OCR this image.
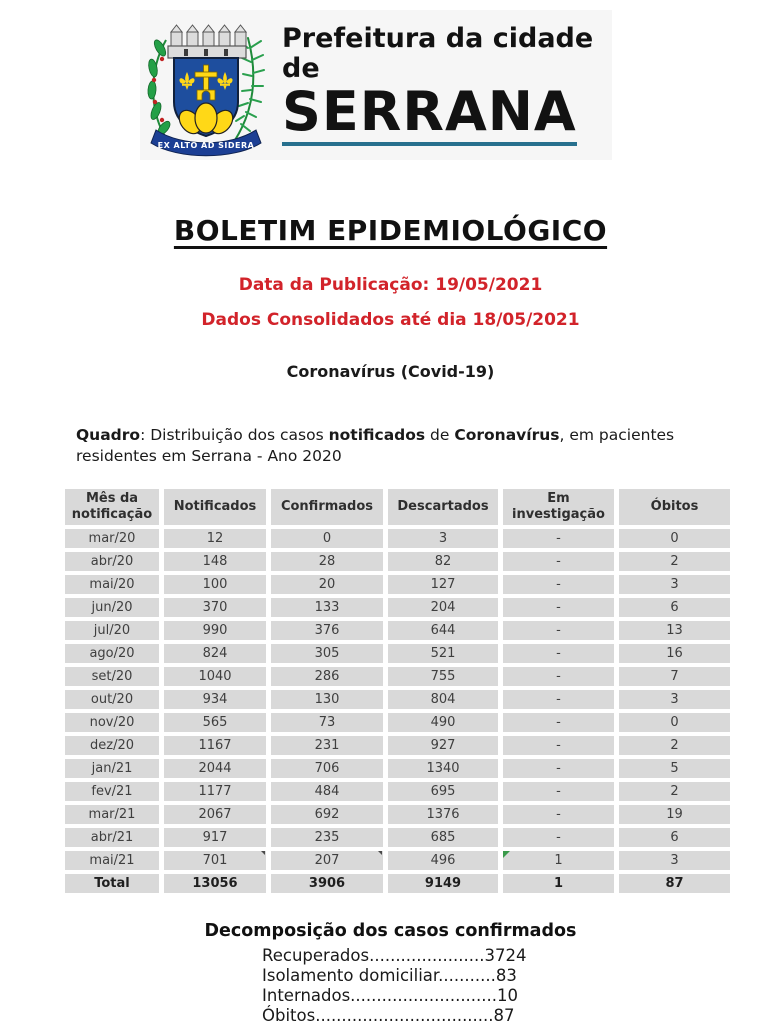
EX ALTO AD SIDERA
Prefeitura da cidade de
SERRANA
BOLETIM EPIDEMIOLÓGICO
Data da Publicação: 19/05/2021
Dados Consolidados até dia 18/05/2021
Coronavírus (Covid-19)
Quadro: Distribuição dos casos notificados de Coronavírus, em pacientes residentes em Serrana - Ano 2020
Mês da notificação	Notificados	Confirmados	Descartados	Em investigação	Óbitos
mar/20	12	0	3	-	0
abr/20	148	28	82	-	2
mai/20	100	20	127	-	3
jun/20	370	133	204	-	6
jul/20	990	376	644	-	13
ago/20	824	305	521	-	16
set/20	1040	286	755	-	7
out/20	934	130	804	-	3
nov/20	565	73	490	-	0
dez/20	1167	231	927	-	2
jan/21	2044	706	1340	-	5
fev/21	1177	484	695	-	2
mar/21	2067	692	1376	-	19
abr/21	917	235	685	-	6
mai/21	701	207	496	1	3
Total	13056	3906	9149	1	87
Decomposição dos casos confirmados
Recuperados......................3724
Isolamento domiciliar...........83
Internados............................10
Óbitos..................................87
